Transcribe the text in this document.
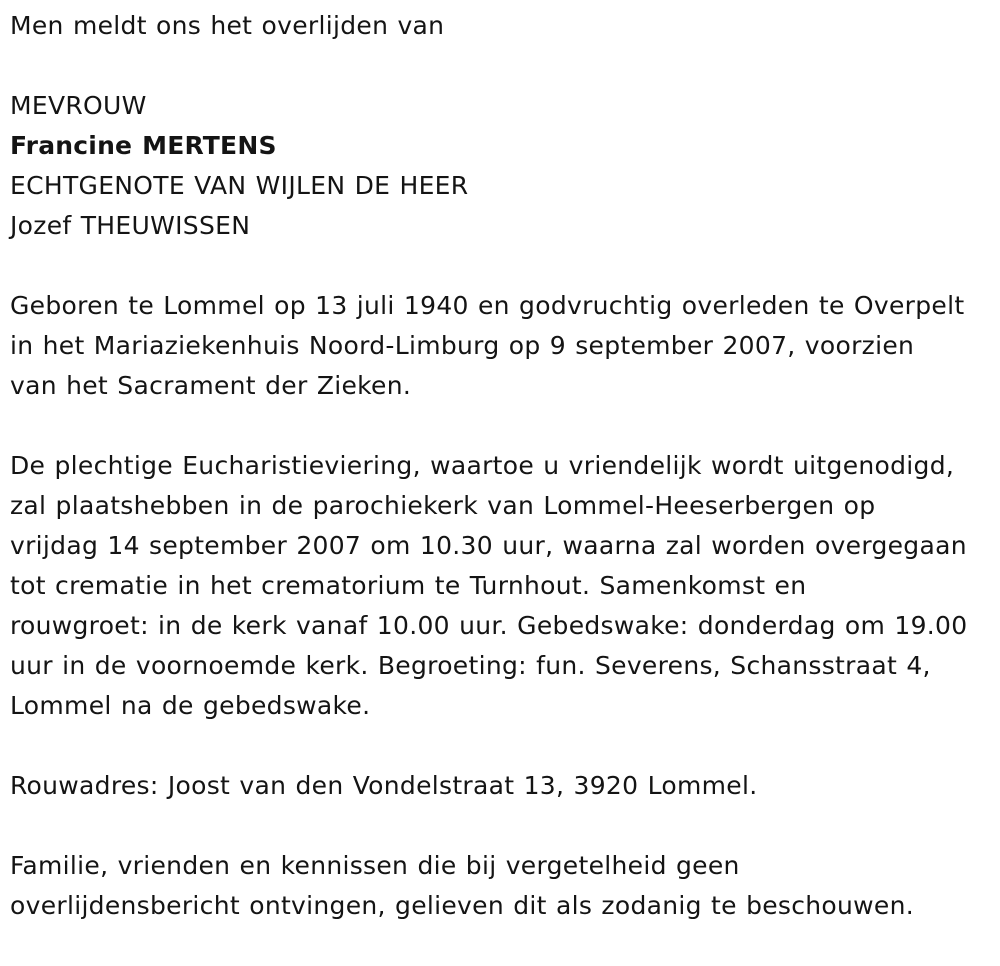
Men meldt ons het overlijden van
MEVROUW
Francine MERTENS
ECHTGENOTE VAN WIJLEN DE HEER
Jozef THEUWISSEN
Geboren te Lommel op 13 juli 1940 en godvruchtig overleden te Overpelt
in het Mariaziekenhuis Noord-Limburg op 9 september 2007, voorzien
van het Sacrament der Zieken.
De plechtige Eucharistieviering, waartoe u vriendelijk wordt uitgenodigd,
zal plaatshebben in de parochiekerk van Lommel-Heeserbergen op
vrijdag 14 september 2007 om 10.30 uur, waarna zal worden overgegaan
tot crematie in het crematorium te Turnhout. Samenkomst en
rouwgroet: in de kerk vanaf 10.00 uur. Gebedswake: donderdag om 19.00
uur in de voornoemde kerk. Begroeting: fun. Severens, Schansstraat 4,
Lommel na de gebedswake.
Rouwadres: Joost van den Vondelstraat 13, 3920 Lommel.
Familie, vrienden en kennissen die bij vergetelheid geen
overlijdensbericht ontvingen, gelieven dit als zodanig te beschouwen.
